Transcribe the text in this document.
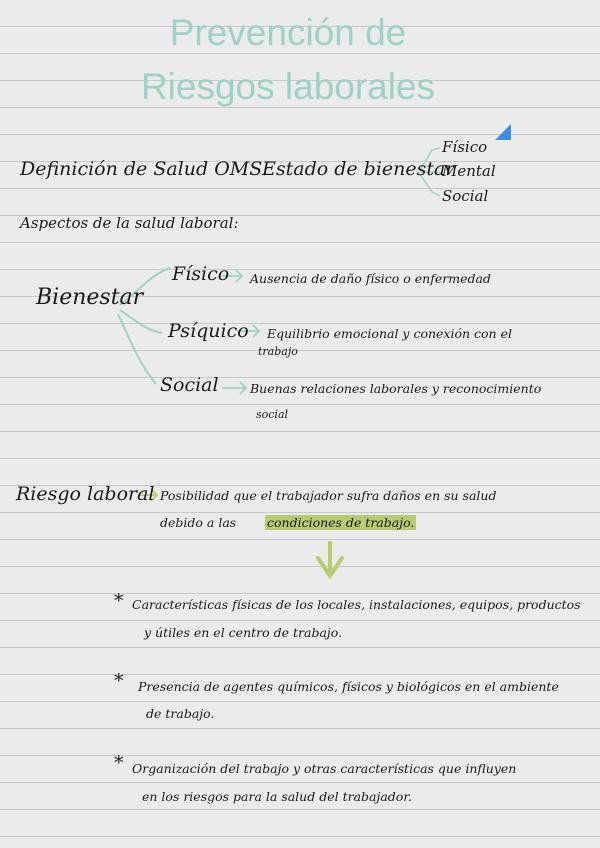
Prevención de
Riesgos laborales
Definición de Salud OMS:
Estado de bienestar
Físico
Mental
Social
Aspectos de la salud laboral:
Bienestar
Físico Ausencia de daño físico o enfermedad
Psíquico Equilibrio emocional y conexión con el
trabajo
Social	Buenas relaciones laborales y reconocimiento
social
Riesgo laboral Posibilidad que el trabajador sufra daños en su salud
debido a las condiciones de trabajo.
* Características físicas de los locales, instalaciones, equipos, productos
y útiles en el centro de trabajo.
* Presencia de agentes químicos, físicos y biológicos en el ambiente
de trabajo.
* Organización del trabajo y otras características que influyen
en los riesgos para la salud del trabajador.
